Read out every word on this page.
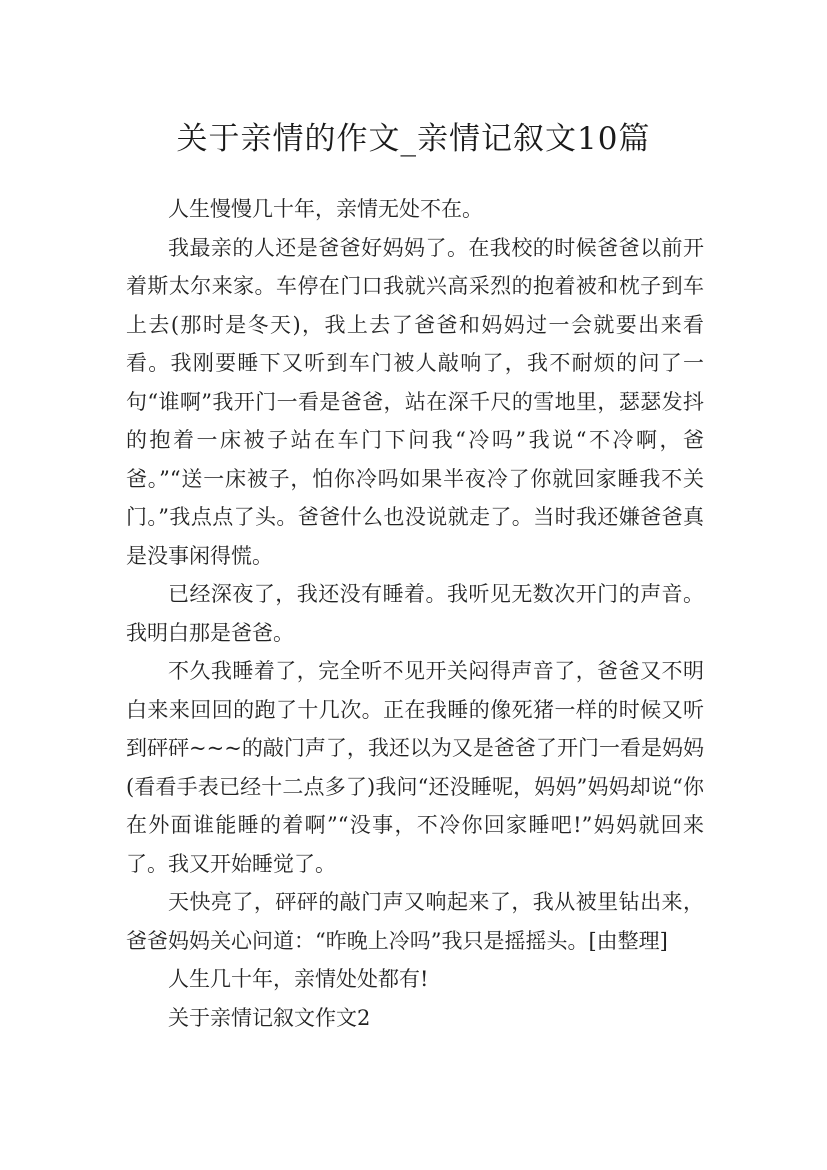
关于亲情的作文_亲情记叙文10篇

人生慢慢几十年，亲情无处不在。

我最亲的人还是爸爸好妈妈了。在我校的时候爸爸以前开着斯太尔来家。车停在门口我就兴高采烈的抱着被和枕子到车上去(那时是冬天)，我上去了爸爸和妈妈过一会就要出来看看。我刚要睡下又听到车门被人敲响了，我不耐烦的问了一句“谁啊”我开门一看是爸爸，站在深千尺的雪地里，瑟瑟发抖的抱着一床被子站在车门下问我“冷吗”我说“不冷啊，爸爸。”“送一床被子，怕你冷吗如果半夜冷了你就回家睡我不关门。”我点点了头。爸爸什么也没说就走了。当时我还嫌爸爸真是没事闲得慌。

已经深夜了，我还没有睡着。我听见无数次开门的声音。我明白那是爸爸。

不久我睡着了，完全听不见开关闷得声音了，爸爸又不明白来来回回的跑了十几次。正在我睡的像死猪一样的时候又听到砰砰~~~的敲门声了，我还以为又是爸爸了开门一看是妈妈(看看手表已经十二点多了)我问“还没睡呢，妈妈”妈妈却说“你在外面谁能睡的着啊”“没事，不冷你回家睡吧!”妈妈就回来了。我又开始睡觉了。

天快亮了，砰砰的敲门声又响起来了，我从被里钻出来，爸爸妈妈关心问道：“昨晚上冷吗”我只是摇摇头。[由整理]

人生几十年，亲情处处都有!

关于亲情记叙文作文2
